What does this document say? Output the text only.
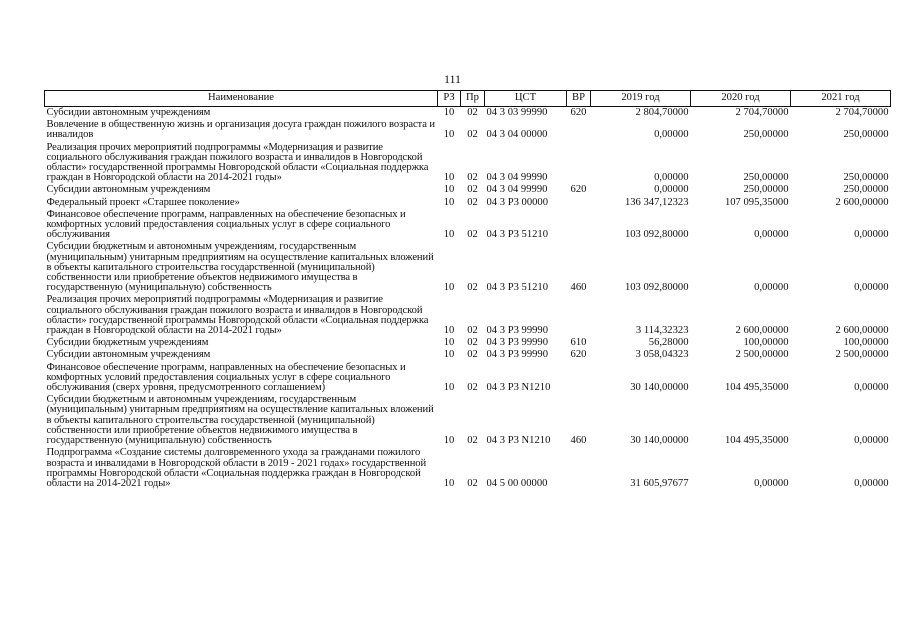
111
Наименование	РЗ	Пр	ЦСТ	ВР	2019 год	2020 год	2021 год
Субсидии автономным учреждениям	10	02	04 3 03 99990	620	2 804,70000	2 704,70000	2 704,70000
Вовлечение в общественную жизнь и организация досуга граждан пожилого возраста и инвалидов	10	02	04 3 04 00000		0,00000	250,00000	250,00000
Реализация прочих мероприятий подпрограммы «Модернизация и развитие социального обслуживания граждан пожилого возраста и инвалидов в Новгородской области» государственной программы Новгородской области «Социальная поддержка граждан в Новгородской области на 2014-2021 годы»	10	02	04 3 04 99990		0,00000	250,00000	250,00000
Субсидии автономным учреждениям	10	02	04 3 04 99990	620	0,00000	250,00000	250,00000
Федеральный проект «Старшее поколение»	10	02	04 3 P3 00000		136 347,12323	107 095,35000	2 600,00000
Финансовое обеспечение программ, направленных на обеспечение безопасных и комфортных условий предоставления социальных услуг в сфере социального обслуживания	10	02	04 3 P3 51210		103 092,80000	0,00000	0,00000
Субсидии бюджетным и автономным учреждениям, государственным (муниципальным) унитарным предприятиям на осуществление капитальных вложений в объекты капитального строительства государственной (муниципальной) собственности или приобретение объектов недвижимого имущества в государственную (муниципальную) собственность	10	02	04 3 P3 51210	460	103 092,80000	0,00000	0,00000
Реализация прочих мероприятий подпрограммы «Модернизация и развитие социального обслуживания граждан пожилого возраста и инвалидов в Новгородской области» государственной программы Новгородской области «Социальная поддержка граждан в Новгородской области на 2014-2021 годы»	10	02	04 3 P3 99990		3 114,32323	2 600,00000	2 600,00000
Субсидии бюджетным учреждениям	10	02	04 3 P3 99990	610	56,28000	100,00000	100,00000
Субсидии автономным учреждениям	10	02	04 3 P3 99990	620	3 058,04323	2 500,00000	2 500,00000
Финансовое обеспечение программ, направленных на обеспечение безопасных и комфортных условий предоставления социальных услуг в сфере социального обслуживания (сверх уровня, предусмотренного соглашением)	10	02	04 3 P3 N1210		30 140,00000	104 495,35000	0,00000
Субсидии бюджетным и автономным учреждениям, государственным (муниципальным) унитарным предприятиям на осуществление капитальных вложений в объекты капитального строительства государственной (муниципальной) собственности или приобретение объектов недвижимого имущества в государственную (муниципальную) собственность	10	02	04 3 P3 N1210	460	30 140,00000	104 495,35000	0,00000
Подпрограмма «Создание системы долговременного ухода за гражданами пожилого возраста и инвалидами в Новгородской области в 2019 - 2021 годах» государственной программы Новгородской области «Социальная поддержка граждан в Новгородской области на 2014-2021 годы»	10	02	04 5 00 00000		31 605,97677	0,00000	0,00000
